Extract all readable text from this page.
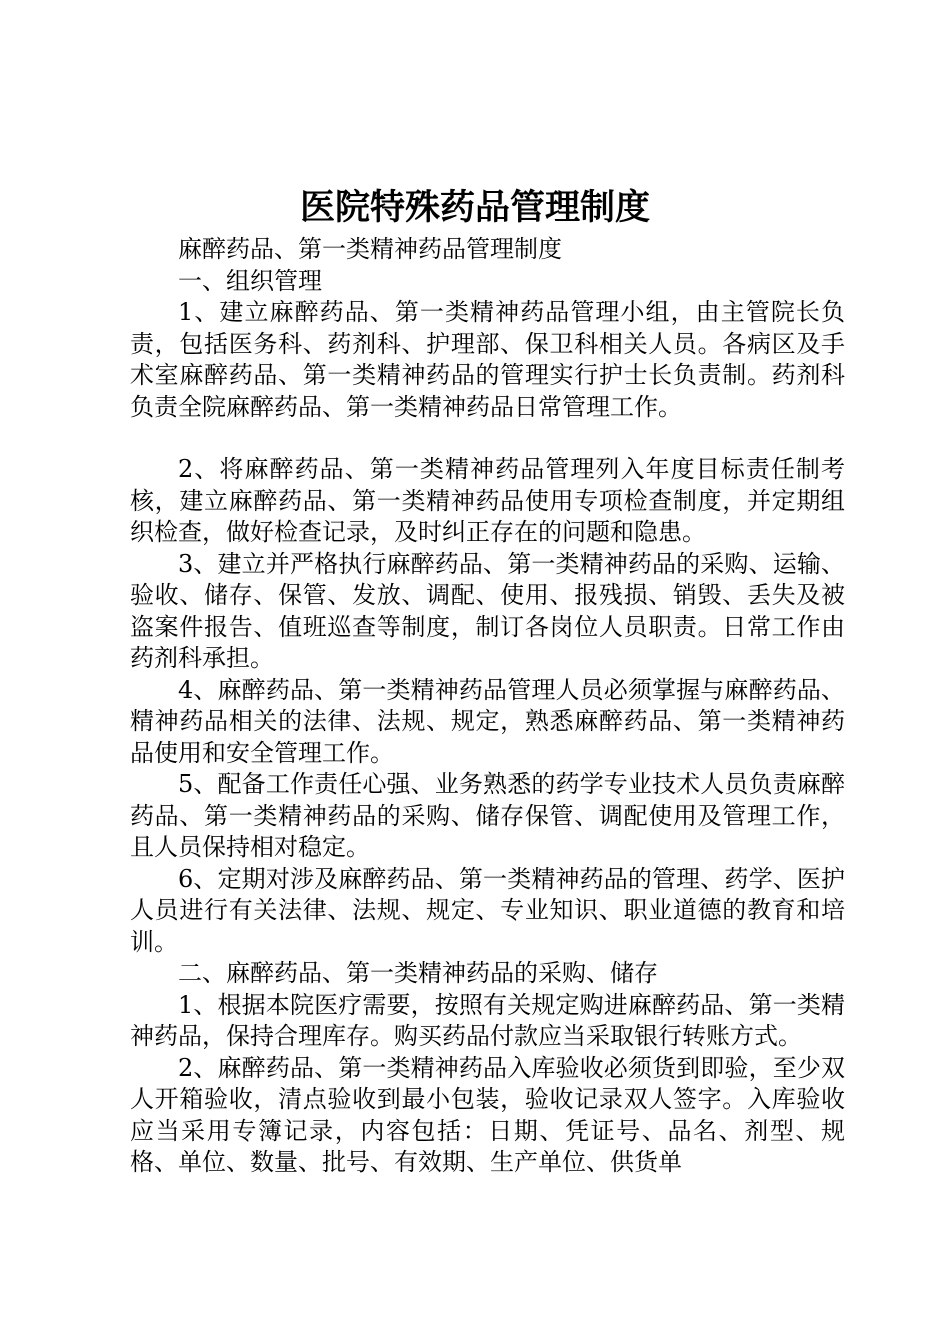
医院特殊药品管理制度

麻醉药品、第一类精神药品管理制度

一、组织管理

1、建立麻醉药品、第一类精神药品管理小组，由主管院长负责，包括医务科、药剂科、护理部、保卫科相关人员。各病区及手术室麻醉药品、第一类精神药品的管理实行护士长负责制。药剂科负责全院麻醉药品、第一类精神药品日常管理工作。

2、将麻醉药品、第一类精神药品管理列入年度目标责任制考核，建立麻醉药品、第一类精神药品使用专项检查制度，并定期组织检查，做好检查记录，及时纠正存在的问题和隐患。

3、建立并严格执行麻醉药品、第一类精神药品的采购、运输、验收、储存、保管、发放、调配、使用、报残损、销毁、丢失及被盗案件报告、值班巡查等制度，制订各岗位人员职责。日常工作由药剂科承担。

4、麻醉药品、第一类精神药品管理人员必须掌握与麻醉药品、精神药品相关的法律、法规、规定，熟悉麻醉药品、第一类精神药品使用和安全管理工作。

5、配备工作责任心强、业务熟悉的药学专业技术人员负责麻醉药品、第一类精神药品的采购、储存保管、调配使用及管理工作，且人员保持相对稳定。

6、定期对涉及麻醉药品、第一类精神药品的管理、药学、医护人员进行有关法律、法规、规定、专业知识、职业道德的教育和培训。

二、麻醉药品、第一类精神药品的采购、储存

1、根据本院医疗需要，按照有关规定购进麻醉药品、第一类精神药品，保持合理库存。购买药品付款应当采取银行转账方式。

2、麻醉药品、第一类精神药品入库验收必须货到即验，至少双人开箱验收，清点验收到最小包装，验收记录双人签字。入库验收应当采用专簿记录，内容包括：日期、凭证号、品名、剂型、规格、单位、数量、批号、有效期、生产单位、供货单
